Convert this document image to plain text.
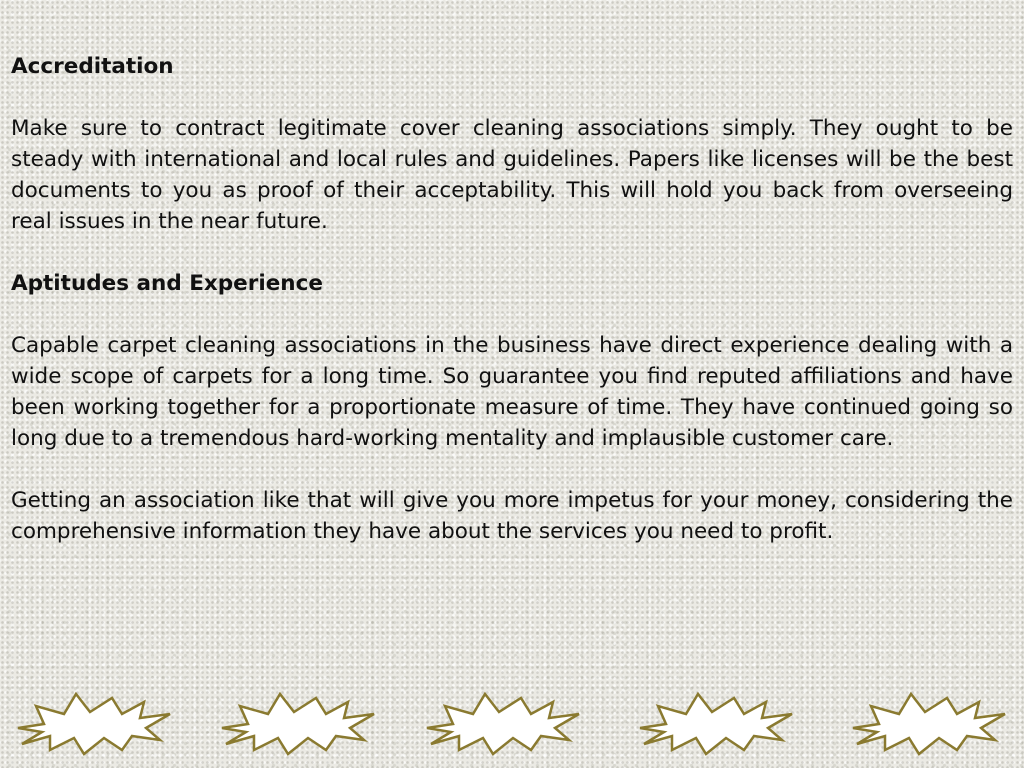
Accreditation

Make sure to contract legitimate cover cleaning associations simply. They ought to be steady with international and local rules and guidelines. Papers like licenses will be the best documents to you as proof of their acceptability. This will hold you back from overseeing real issues in the near future.

Aptitudes and Experience

Capable carpet cleaning associations in the business have direct experience dealing with a wide scope of carpets for a long time. So guarantee you find reputed affiliations and have been working together for a proportionate measure of time. They have continued going so long due to a tremendous hard-working mentality and implausible customer care.

Getting an association like that will give you more impetus for your money, considering the comprehensive information they have about the services you need to profit.
